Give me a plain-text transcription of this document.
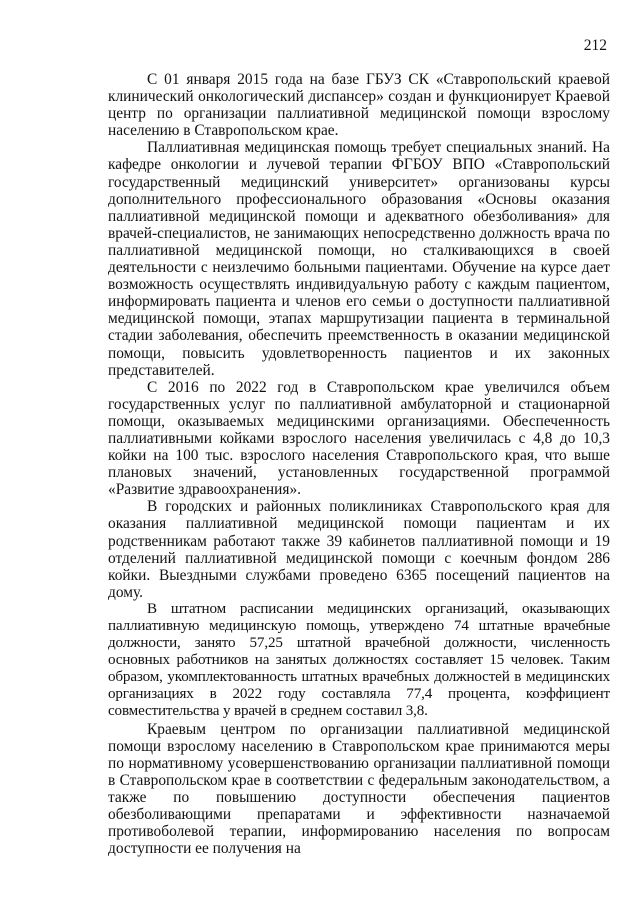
212

С 01 января 2015 года на базе ГБУЗ СК «Ставропольский краевой клинический онкологический диспансер» создан и функционирует Краевой центр по организации паллиативной медицинской помощи взрослому населению в Ставропольском крае.

Паллиативная медицинская помощь требует специальных знаний. На кафедре онкологии и лучевой терапии ФГБОУ ВПО «Ставропольский государственный медицинский университет» организованы курсы дополнительного профессионального образования «Основы оказания паллиативной медицинской помощи и адекватного обезболивания» для врачей-специалистов, не занимающих непосредственно должность врача по паллиативной медицинской помощи, но сталкивающихся в своей деятельности с неизлечимо больными пациентами. Обучение на курсе дает возможность осуществлять индивидуальную работу с каждым пациентом, информировать пациента и членов его семьи о доступности паллиативной медицинской помощи, этапах маршрутизации пациента в терминальной стадии заболевания, обеспечить преемственность в оказании медицинской помощи, повысить удовлетворенность пациентов и их законных представителей.

С 2016 по 2022 год в Ставропольском крае увеличился объем государственных услуг по паллиативной амбулаторной и стационарной помощи, оказываемых медицинскими организациями. Обеспеченность паллиативными койками взрослого населения увеличилась с 4,8 до 10,3 койки на 100 тыс. взрослого населения Ставропольского края, что выше плановых значений, установленных государственной программой «Развитие здравоохранения».

В городских и районных поликлиниках Ставропольского края для оказания паллиативной медицинской помощи пациентам и их родственникам работают также 39 кабинетов паллиативной помощи и 19 отделений паллиативной медицинской помощи с коечным фондом 286 койки. Выездными службами проведено 6365 посещений пациентов на дому.

В штатном расписании медицинских организаций, оказывающих паллиативную медицинскую помощь, утверждено 74 штатные врачебные должности, занято 57,25 штатной врачебной должности, численность основных работников на занятых должностях составляет 15 человек. Таким образом, укомплектованность штатных врачебных должностей в медицинских организациях в 2022 году составляла 77,4 процента, коэффициент совместительства у врачей в среднем составил 3,8.

Краевым центром по организации паллиативной медицинской помощи взрослому населению в Ставропольском крае принимаются меры по нормативному усовершенствованию организации паллиативной помощи в Ставропольском крае в соответствии с федеральным законодательством, а также по повышению доступности обеспечения пациентов обезболивающими препаратами и эффективности назначаемой противоболевой терапии, информированию населения по вопросам доступности ее получения на
